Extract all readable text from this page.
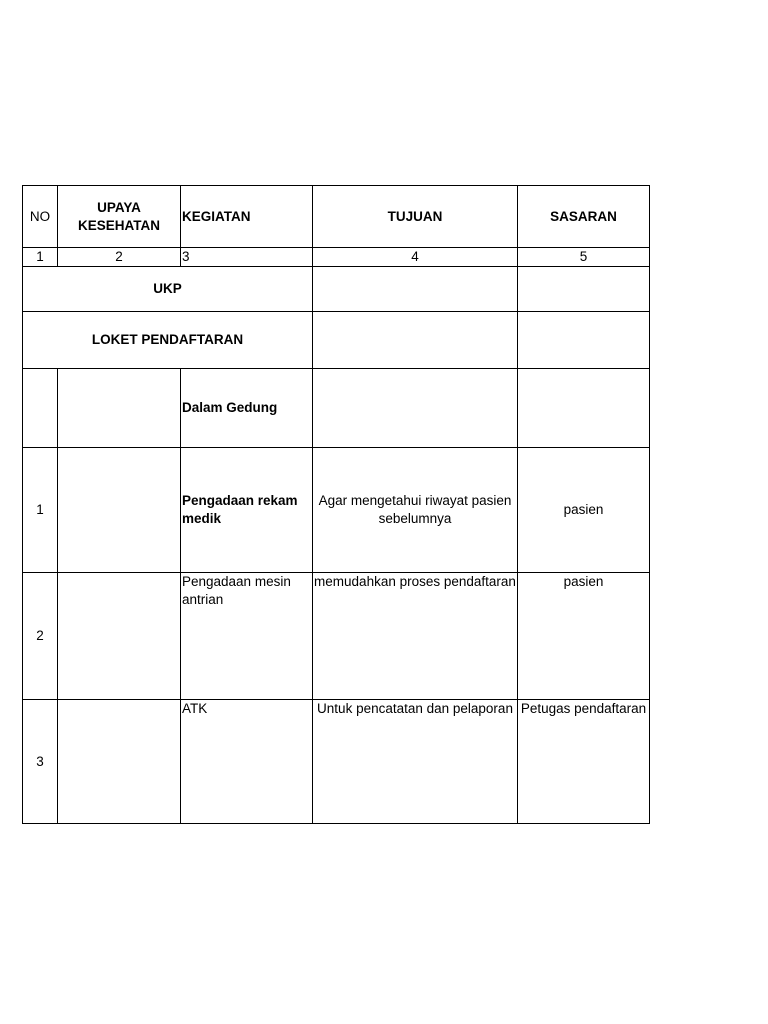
NO	UPAYA KESEHATAN	KEGIATAN	TUJUAN	SASARAN
1	2	3	4	5
UKP				
LOKET PENDAFTARAN				
		Dalam Gedung		
1		Pengadaan rekam medik	Agar mengetahui riwayat pasien sebelumnya	pasien
2		Pengadaan mesin antrian	memudahkan proses pendaftaran	pasien
3		ATK	Untuk pencatatan dan pelaporan	Petugas pendaftaran
